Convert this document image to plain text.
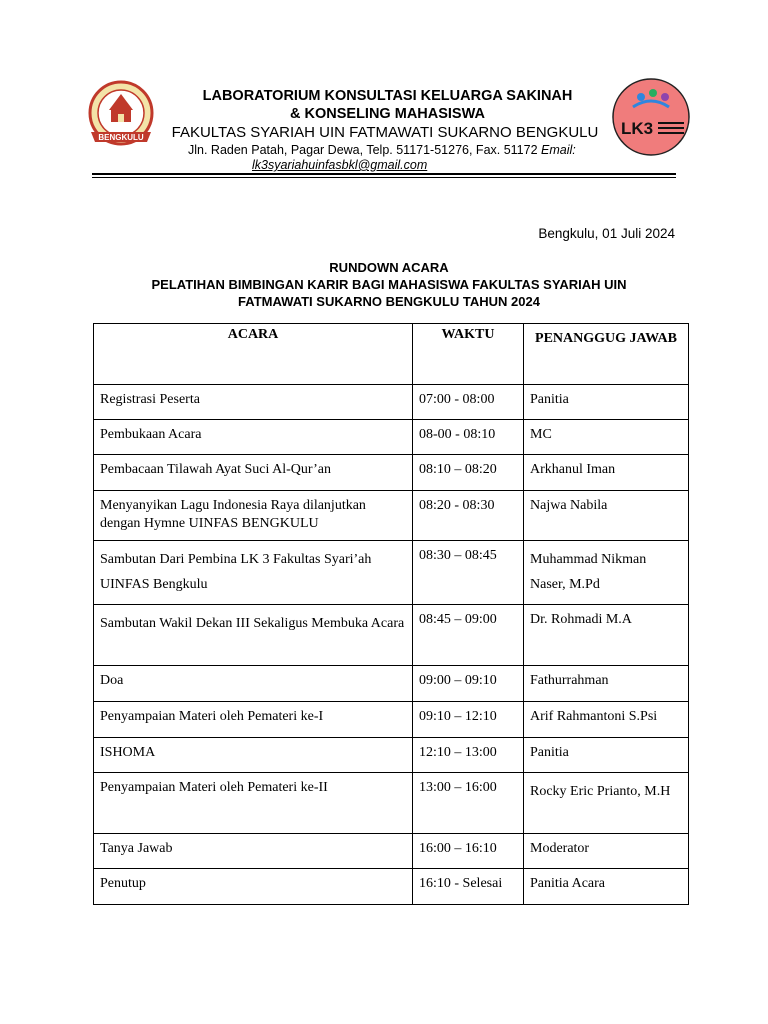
BENGKULU
LABORATORIUM KONSULTASI KELUARGA SAKINAH
& KONSELING MAHASISWA
FAKULTAS SYARIAH UIN FATMAWATI SUKARNO BENGKULU
Jln. Raden Patah, Pagar Dewa, Telp. 51171-51276, Fax. 51172 Email:
lk3syariahuinfasbkl@gmail.com
LK3
Bengkulu, 01 Juli 2024
RUNDOWN ACARA
PELATIHAN BIMBINGAN KARIR BAGI MAHASISWA FAKULTAS SYARIAH UIN
FATMAWATI SUKARNO BENGKULU TAHUN 2024
ACARA	WAKTU	PENANGGUG JAWAB
Registrasi Peserta	07:00 - 08:00	Panitia
Pembukaan Acara	08-00 - 08:10	MC
Pembacaan Tilawah Ayat Suci Al-Qur’an	08:10 – 08:20	Arkhanul Iman
Menyanyikan Lagu Indonesia Raya dilanjutkan dengan Hymne UINFAS BENGKULU	08:20 - 08:30	Najwa Nabila
Sambutan Dari Pembina LK 3 Fakultas Syari’ah UINFAS Bengkulu	08:30 – 08:45	Muhammad Nikman Naser, M.Pd
Sambutan Wakil Dekan III Sekaligus Membuka Acara	08:45 – 09:00	Dr. Rohmadi M.A
Doa	09:00 – 09:10	Fathurrahman
Penyampaian Materi oleh Pemateri ke-I	09:10 – 12:10	Arif Rahmantoni S.Psi
ISHOMA	12:10 – 13:00	Panitia
Penyampaian Materi oleh Pemateri ke-II	13:00 – 16:00	Rocky Eric Prianto, M.H
Tanya Jawab	16:00 – 16:10	Moderator
Penutup	16:10 - Selesai	Panitia Acara
